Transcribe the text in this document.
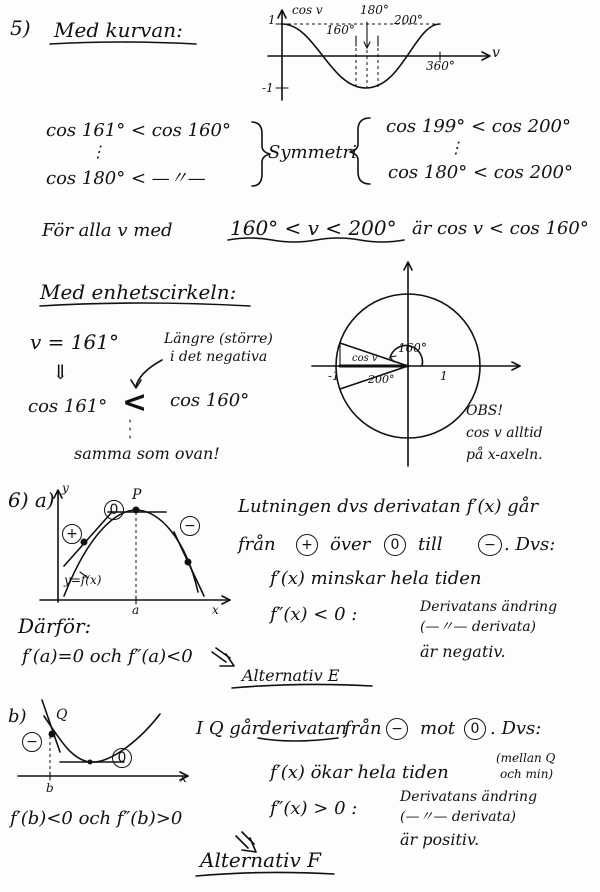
5) Med kurvan:
cos v	180°
160°
200°
360°
v
1
-1
cos 161° < cos 160°
⋮
cos 180° < —〃—
Symmetri
cos 199° < cos 200°
⋮
cos 180° < cos 200°
För alla v med	160° < v < 200° är cos v < cos 160°
Med enhetscirkeln:
v = 161°
⇓
cos 161° < cos 160°
Längre (större)
i det negativa
samma som ovan!
1
-1
160°
200°
cos v
OBS!
cos v alltid
på x-axeln.
6) a) y
x
P
a
y=f(x)
+
0
−
Lutningen dvs derivatan f′(x) går
från	+ över	0	till	− . Dvs:
f′(x) minskar hela tiden
f″(x) < 0 :	Derivatans ändring
(—〃— derivata)
är negativ.
Därför:
f′(a)=0 och f″(a)<0
Alternativ E
b) Q
x
b
−
0
I Q går derivatan
från − mot	0 . Dvs:
f′(x) ökar hela tiden
(mellan Q
och min)
f″(x) > 0 :
Derivatans ändring
(—〃— derivata)
är positiv.
f′(b)<0 och f″(b)>0
Alternativ F
